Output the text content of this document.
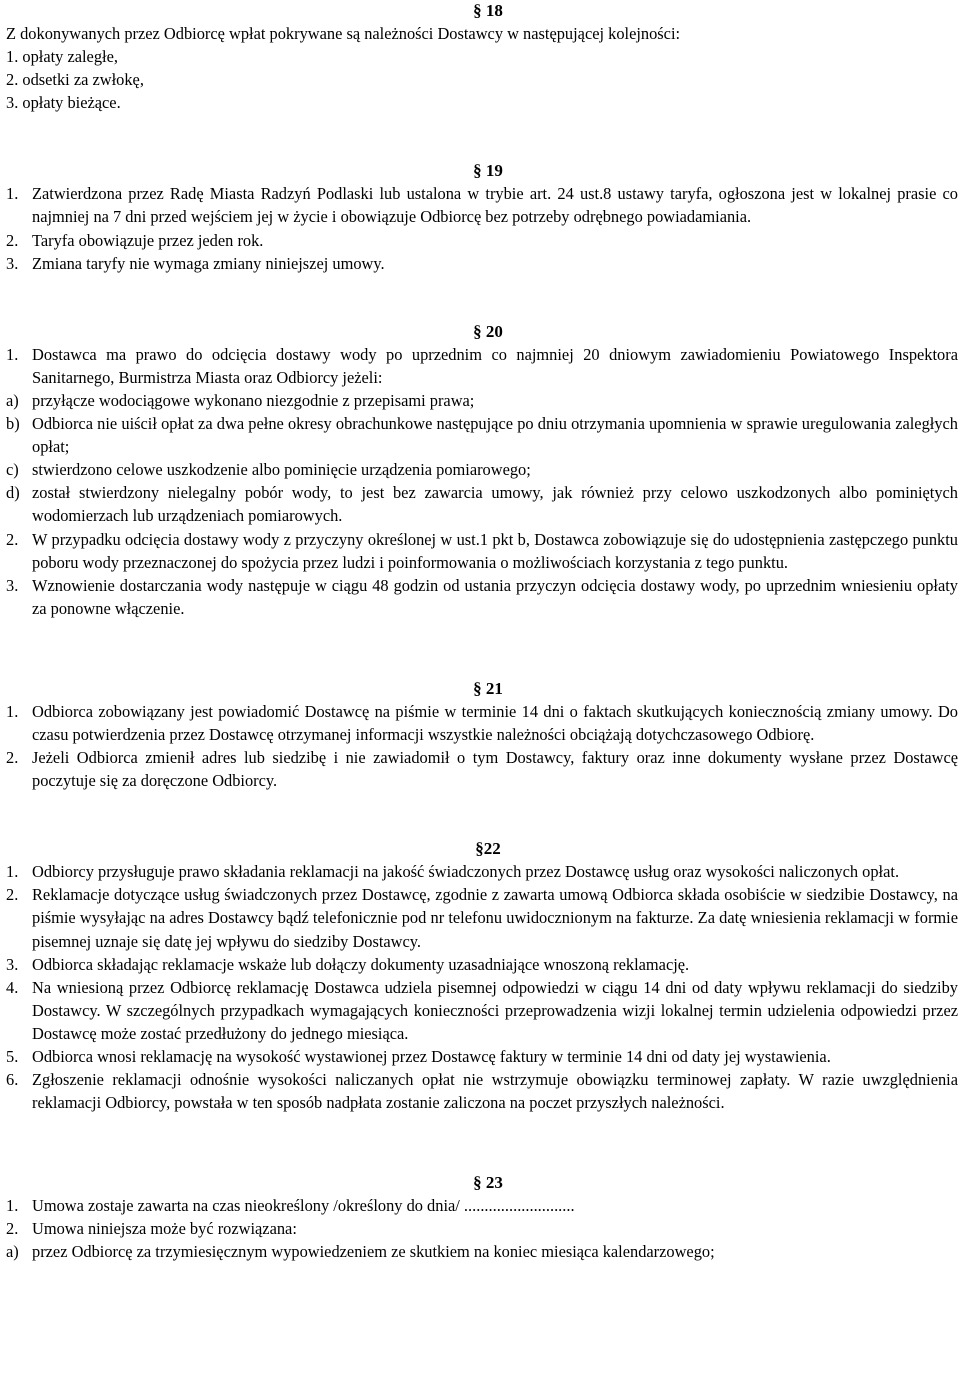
§ 18

Z dokonywanych przez Odbiorcę wpłat pokrywane są należności Dostawcy w następującej kolejności:

1. opłaty zaległe,

2. odsetki za zwłokę,

3. opłaty bieżące.

§ 19
1. Zatwierdzona przez Radę Miasta Radzyń Podlaski lub ustalona w trybie art. 24 ust.8 ustawy taryfa, ogłoszona jest w lokalnej prasie co najmniej na 7 dni przed wejściem jej w życie i obowiązuje Odbiorcę bez potrzeby odrębnego powiadamiania.
2. Taryfa obowiązuje przez jeden rok.
3. Zmiana taryfy nie wymaga zmiany niniejszej umowy.
§ 20
1. Dostawca ma prawo do odcięcia dostawy wody po uprzednim co najmniej 20 dniowym zawiadomieniu Powiatowego Inspektora Sanitarnego, Burmistrza Miasta oraz Odbiorcy jeżeli:
a) przyłącze wodociągowe wykonano niezgodnie z przepisami prawa;
b) Odbiorca nie uiścił opłat za dwa pełne okresy obrachunkowe następujące po dniu otrzymania upomnienia w sprawie uregulowania zaległych opłat;
c) stwierdzono celowe uszkodzenie albo pominięcie urządzenia pomiarowego;
d) został stwierdzony nielegalny pobór wody, to jest bez zawarcia umowy, jak również przy celowo uszkodzonych albo pominiętych wodomierzach lub urządzeniach pomiarowych.
2. W przypadku odcięcia dostawy wody z przyczyny określonej w ust.1 pkt b, Dostawca zobowiązuje się do udostępnienia zastępczego punktu poboru wody przeznaczonej do spożycia przez ludzi i poinformowania o możliwościach korzystania z tego punktu.
3. Wznowienie dostarczania wody następuje w ciągu 48 godzin od ustania przyczyn odcięcia dostawy wody, po uprzednim wniesieniu opłaty za ponowne włączenie.
§ 21
1. Odbiorca zobowiązany jest powiadomić Dostawcę na piśmie w terminie 14 dni o faktach skutkujących koniecznością zmiany umowy. Do czasu potwierdzenia przez Dostawcę otrzymanej informacji wszystkie należności obciążają dotychczasowego Odbiorę.
2. Jeżeli Odbiorca zmienił adres lub siedzibę i nie zawiadomił o tym Dostawcy, faktury oraz inne dokumenty wysłane przez Dostawcę poczytuje się za doręczone Odbiorcy.
§22
1. Odbiorcy przysługuje prawo składania reklamacji na jakość świadczonych przez Dostawcę usług oraz wysokości naliczonych opłat.
2. Reklamacje dotyczące usług świadczonych przez Dostawcę, zgodnie z zawarta umową Odbiorca składa osobiście w siedzibie Dostawcy, na piśmie wysyłając na adres Dostawcy bądź telefonicznie pod nr telefonu uwidocznionym na fakturze. Za datę wniesienia reklamacji w formie pisemnej uznaje się datę jej wpływu do siedziby Dostawcy.
3. Odbiorca składając reklamacje wskaże lub dołączy dokumenty uzasadniające wnoszoną reklamację.
4. Na wniesioną przez Odbiorcę reklamację Dostawca udziela pisemnej odpowiedzi w ciągu 14 dni od daty wpływu reklamacji do siedziby Dostawcy. W szczególnych przypadkach wymagających konieczności przeprowadzenia wizji lokalnej termin udzielenia odpowiedzi przez Dostawcę może zostać przedłużony do jednego miesiąca.
5. Odbiorca wnosi reklamację na wysokość wystawionej przez Dostawcę faktury w terminie 14 dni od daty jej wystawienia.
6. Zgłoszenie reklamacji odnośnie wysokości naliczanych opłat nie wstrzymuje obowiązku terminowej zapłaty. W razie uwzględnienia reklamacji Odbiorcy, powstała w ten sposób nadpłata zostanie zaliczona na poczet przyszłych należności.
§ 23
1. Umowa zostaje zawarta na czas nieokreślony /określony do dnia/ ...........................
2. Umowa niniejsza może być rozwiązana:
a) przez Odbiorcę za trzymiesięcznym wypowiedzeniem ze skutkiem na koniec miesiąca kalendarzowego;
